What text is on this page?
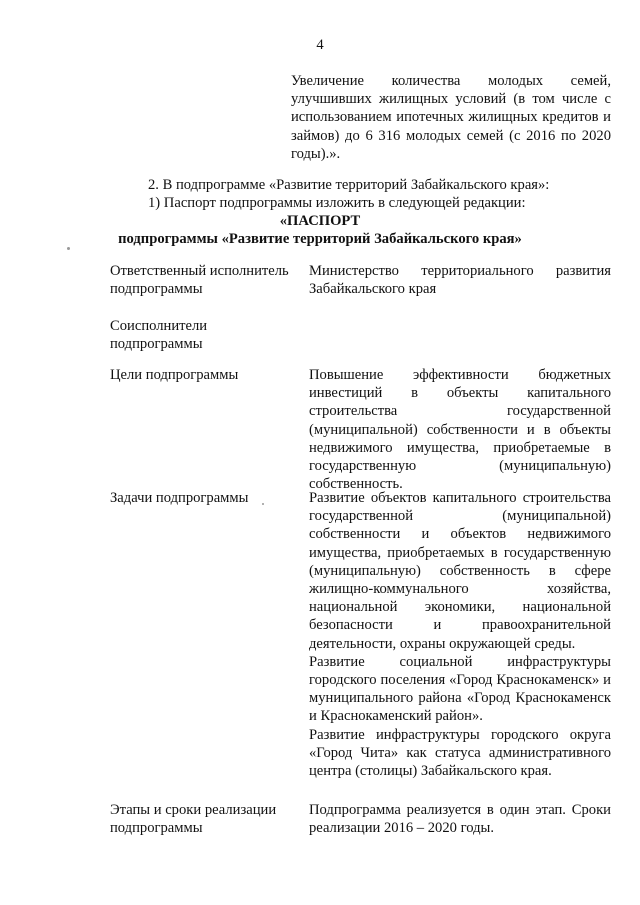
4
Увеличение количества молодых семей, улучшивших жилищных условий (в том числе с использованием ипотечных жилищных кредитов и займов) до 6 316 молодых семей (с 2016 по 2020 годы).».

2. В подпрограмме «Развитие территорий Забайкальского края»:

1) Паспорт подпрограммы изложить в следующей редакции:

«ПАСПОРТ
подпрограммы «Развитие территорий Забайкальского края»
Ответственный исполнитель подпрограммы

Министерство территориального развития Забайкальского края

Соисполнители подпрограммы
Цели подпрограммы	Повышение эффективности бюджетных инвестиций в объекты капитального строительства государственной (муниципальной) собственности и в объекты недвижимого имущества, приобретаемые в государственную (муниципальную) собственность.

Задачи подпрограммы	Развитие объектов капитального строительства государственной (муниципальной) собственности и объектов недвижимого имущества, приобретаемых в государственную (муниципальную) собственность в сфере жилищно-коммунального хозяйства, национальной экономики, национальной безопасности и правоохранительной деятельности, охраны окружающей среды.

Развитие социальной инфраструктуры городского поселения «Город Краснокаменск» и муниципального района «Город Краснокаменск и Краснокаменский район».

Развитие инфраструктуры городского округа «Город Чита» как статуса административного центра (столицы) Забайкальского края.

Этапы и сроки реализации подпрограммы

Подпрограмма реализуется в один этап. Сроки реализации 2016 – 2020 годы.
